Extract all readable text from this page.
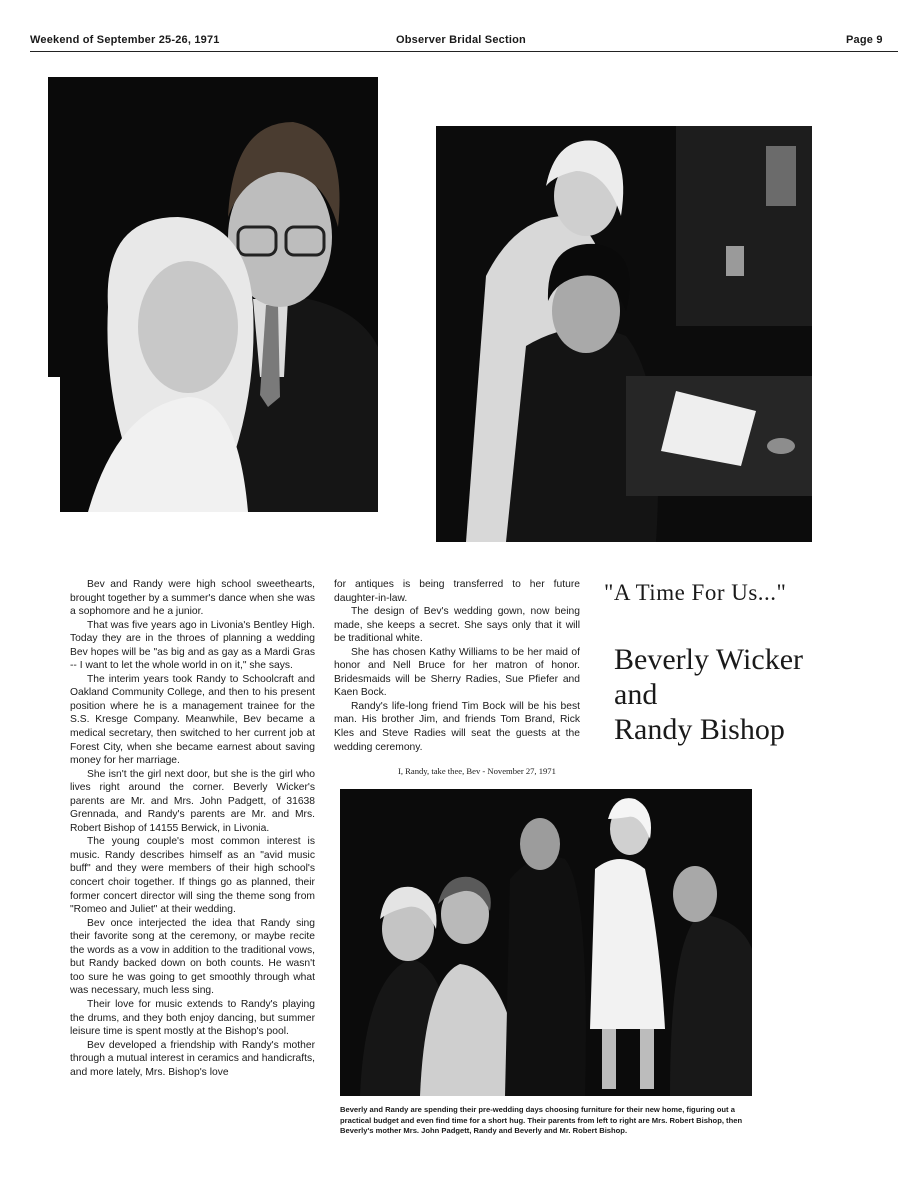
Weekend of September 25-26, 1971	Observer Bridal Section	Page 9

Bev and Randy were high school sweethearts, brought together by a summer's dance when she was a sophomore and he a junior.

That was five years ago in Livonia's Bentley High. Today they are in the throes of planning a wedding Bev hopes will be "as big and as gay as a Mardi Gras -- I want to let the whole world in on it," she says.

The interim years took Randy to Schoolcraft and Oakland Community College, and then to his present position where he is a management trainee for the S.S. Kresge Company. Meanwhile, Bev became a medical secretary, then switched to her current job at Forest City, when she became earnest about saving money for her marriage.

She isn't the girl next door, but she is the girl who lives right around the corner. Beverly Wicker's parents are Mr. and Mrs. John Padgett, of 31638 Grennada, and Randy's parents are Mr. and Mrs. Robert Bishop of 14155 Berwick, in Livonia.

The young couple's most common interest is music. Randy describes himself as an "avid music buff" and they were members of their high school's concert choir together. If things go as planned, their former concert director will sing the theme song from "Romeo and Juliet" at their wedding.

Bev once interjected the idea that Randy sing their favorite song at the ceremony, or maybe recite the words as a vow in addition to the traditional vows, but Randy backed down on both counts. He wasn't too sure he was going to get smoothly through what was necessary, much less sing.

Their love for music extends to Randy's playing the drums, and they both enjoy dancing, but summer leisure time is spent mostly at the Bishop's pool.

Bev developed a friendship with Randy's mother through a mutual interest in ceramics and handicrafts, and more lately, Mrs. Bishop's love

for antiques is being transferred to her future daughter-in-law.

The design of Bev's wedding gown, now being made, she keeps a secret. She says only that it will be traditional white.

She has chosen Kathy Williams to be her maid of honor and Nell Bruce for her matron of honor. Bridesmaids will be Sherry Radies, Sue Pfiefer and Kaen Bock.

Randy's life-long friend Tim Bock will be his best man. His brother Jim, and friends Tom Brand, Rick Kles and Steve Radies will seat the guests at the wedding ceremony.

I, Randy, take thee, Bev - November 27, 1971
"A Time For Us..."
Beverly Wicker
and
Randy Bishop
Beverly and Randy are spending their pre-wedding days choosing furniture for their new home, figuring out a practical budget and even find time for a short hug. Their parents from left to right are Mrs. Robert Bishop, then Beverly's mother Mrs. John Padgett, Randy and Beverly and Mr. Robert Bishop.
